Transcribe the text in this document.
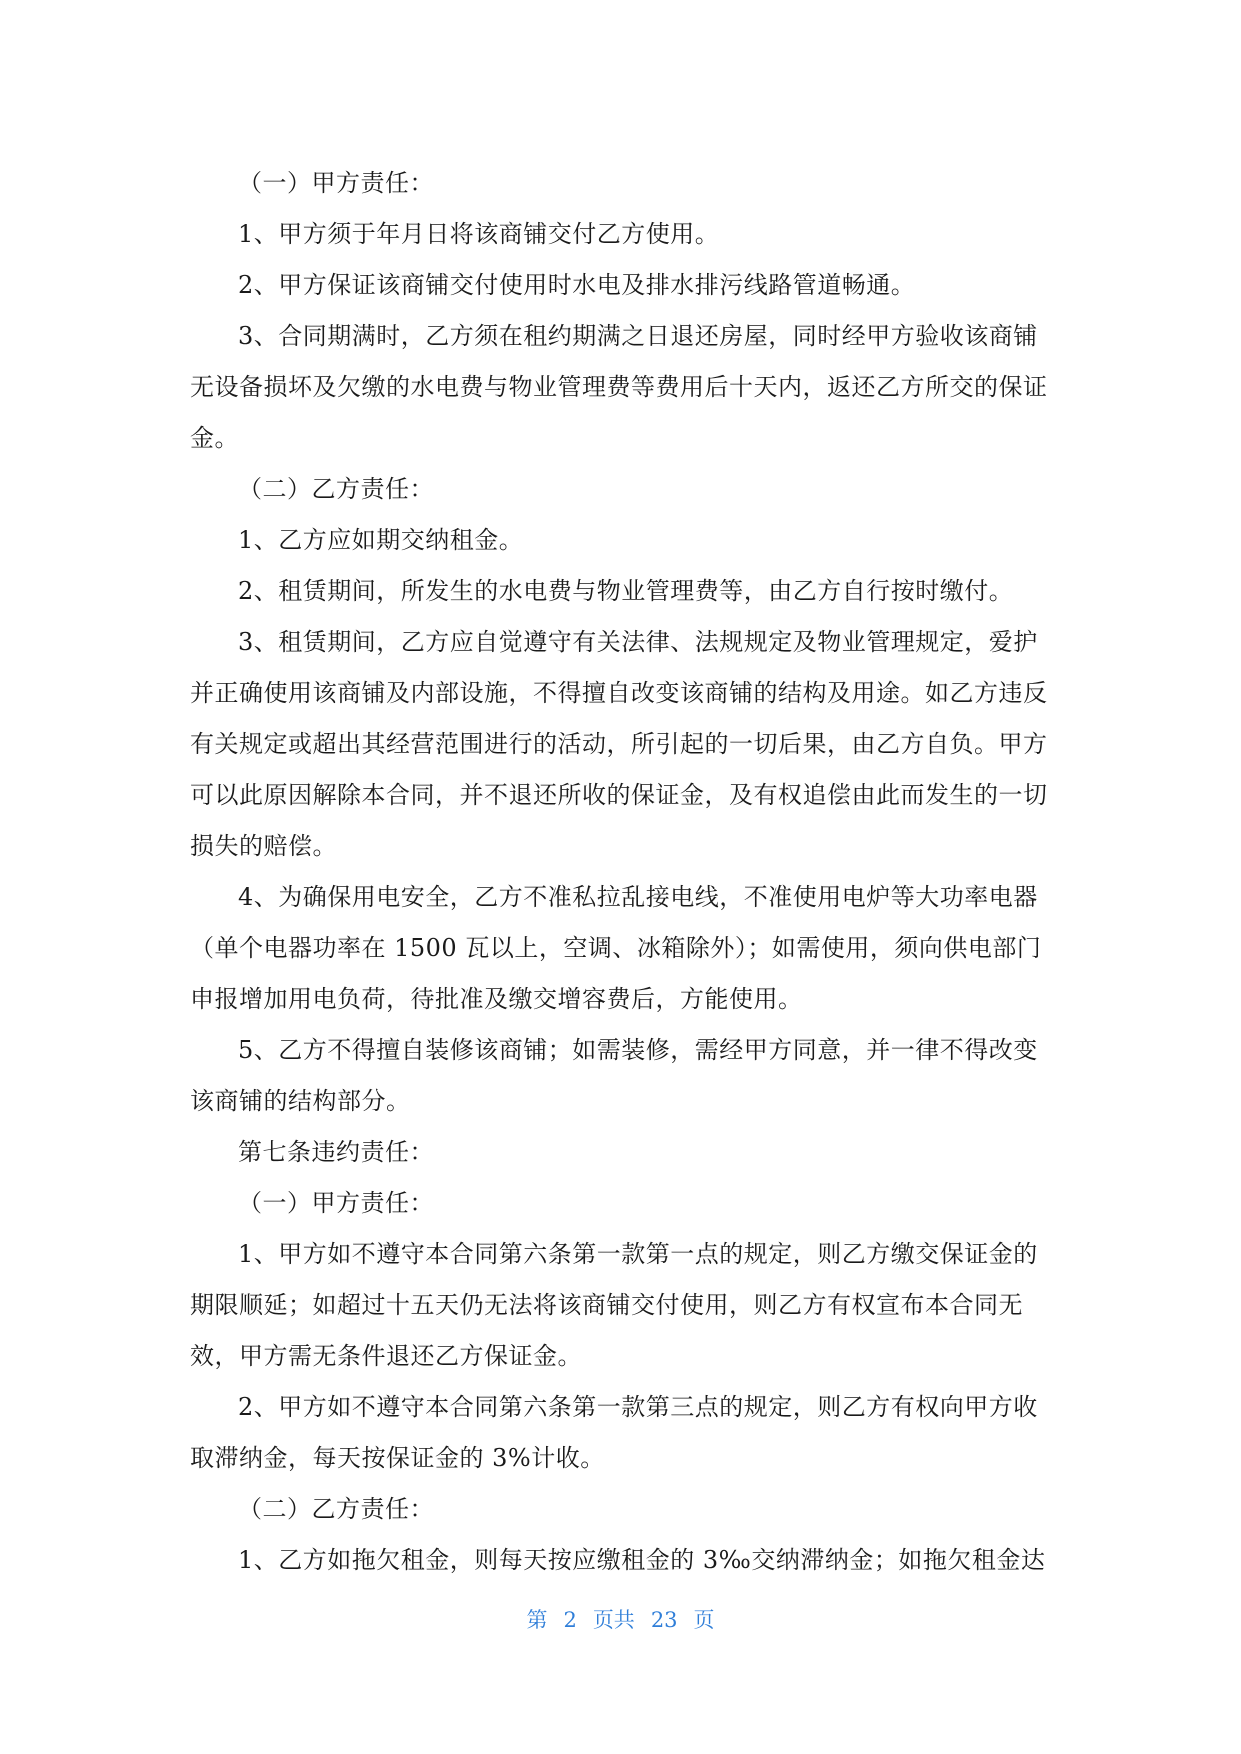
（一）甲方责任：

1、甲方须于年月日将该商铺交付乙方使用。

2、甲方保证该商铺交付使用时水电及排水排污线路管道畅通。

3、合同期满时，乙方须在租约期满之日退还房屋，同时经甲方验收该商铺无设备损坏及欠缴的水电费与物业管理费等费用后十天内，返还乙方所交的保证金。

（二）乙方责任：

1、乙方应如期交纳租金。

2、租赁期间，所发生的水电费与物业管理费等，由乙方自行按时缴付。

3、租赁期间，乙方应自觉遵守有关法律、法规规定及物业管理规定，爱护并正确使用该商铺及内部设施，不得擅自改变该商铺的结构及用途。如乙方违反有关规定或超出其经营范围进行的活动，所引起的一切后果，由乙方自负。甲方可以此原因解除本合同，并不退还所收的保证金，及有权追偿由此而发生的一切损失的赔偿。

4、为确保用电安全，乙方不准私拉乱接电线，不准使用电炉等大功率电器（单个电器功率在 1500 瓦以上，空调、冰箱除外）；如需使用，须向供电部门申报增加用电负荷，待批准及缴交增容费后，方能使用。

5、乙方不得擅自装修该商铺；如需装修，需经甲方同意，并一律不得改变该商铺的结构部分。

第七条违约责任：

（一）甲方责任：

1、甲方如不遵守本合同第六条第一款第一点的规定，则乙方缴交保证金的期限顺延；如超过十五天仍无法将该商铺交付使用，则乙方有权宣布本合同无效，甲方需无条件退还乙方保证金。

2、甲方如不遵守本合同第六条第一款第三点的规定，则乙方有权向甲方收取滞纳金，每天按保证金的 3%计收。

（二）乙方责任：

1、乙方如拖欠租金，则每天按应缴租金的 3‰交纳滞纳金；如拖欠租金达

第 2 页共 23 页
